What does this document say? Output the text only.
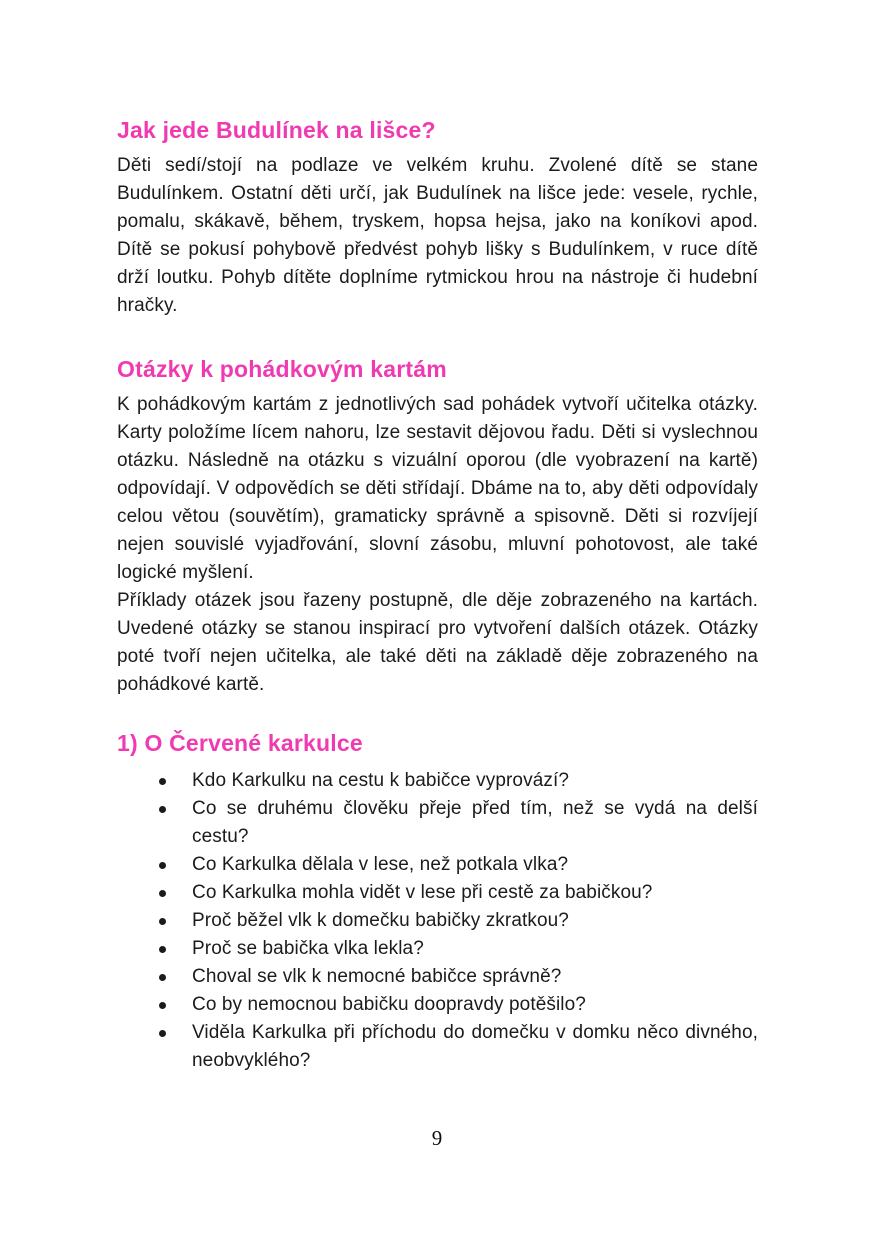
Jak jede Budulínek na lišce?

Děti sedí/stojí na podlaze ve velkém kruhu. Zvolené dítě se stane Budulínkem. Ostatní děti určí, jak Budulínek na lišce jede: vesele, rychle, pomalu, skákavě, během, tryskem, hopsa hejsa, jako na koníkovi apod. Dítě se pokusí pohybově předvést pohyb lišky s Budulínkem, v ruce dítě drží loutku. Pohyb dítěte doplníme rytmickou hrou na nástroje či hudební hračky.

Otázky k pohádkovým kartám

K pohádkovým kartám z jednotlivých sad pohádek vytvoří učitelka otázky. Karty položíme lícem nahoru, lze sestavit dějovou řadu. Děti si vyslechnou otázku. Následně na otázku s vizuální oporou (dle vyobrazení na kartě) odpovídají. V odpovědích se děti střídají. Dbáme na to, aby děti odpovídaly celou větou (souvětím), gramaticky správně a spisovně. Děti si rozvíjejí nejen souvislé vyjadřování, slovní zásobu, mluvní pohotovost, ale také logické myšlení.

Příklady otázek jsou řazeny postupně, dle děje zobrazeného na kartách. Uvedené otázky se stanou inspirací pro vytvoření dalších otázek. Otázky poté tvoří nejen učitelka, ale také děti na základě děje zobrazeného na pohádkové kartě.

1) O Červené karkulce
Kdo Karkulku na cestu k babičce vyprovází?
Co se druhému člověku přeje před tím, než se vydá na delší cestu?
Co Karkulka dělala v lese, než potkala vlka?
Co Karkulka mohla vidět v lese při cestě za babičkou?
Proč běžel vlk k domečku babičky zkratkou?
Proč se babička vlka lekla?
Choval se vlk k nemocné babičce správně?
Co by nemocnou babičku doopravdy potěšilo?
Viděla Karkulka při příchodu do domečku v domku něco divného, neobvyklého?
9
